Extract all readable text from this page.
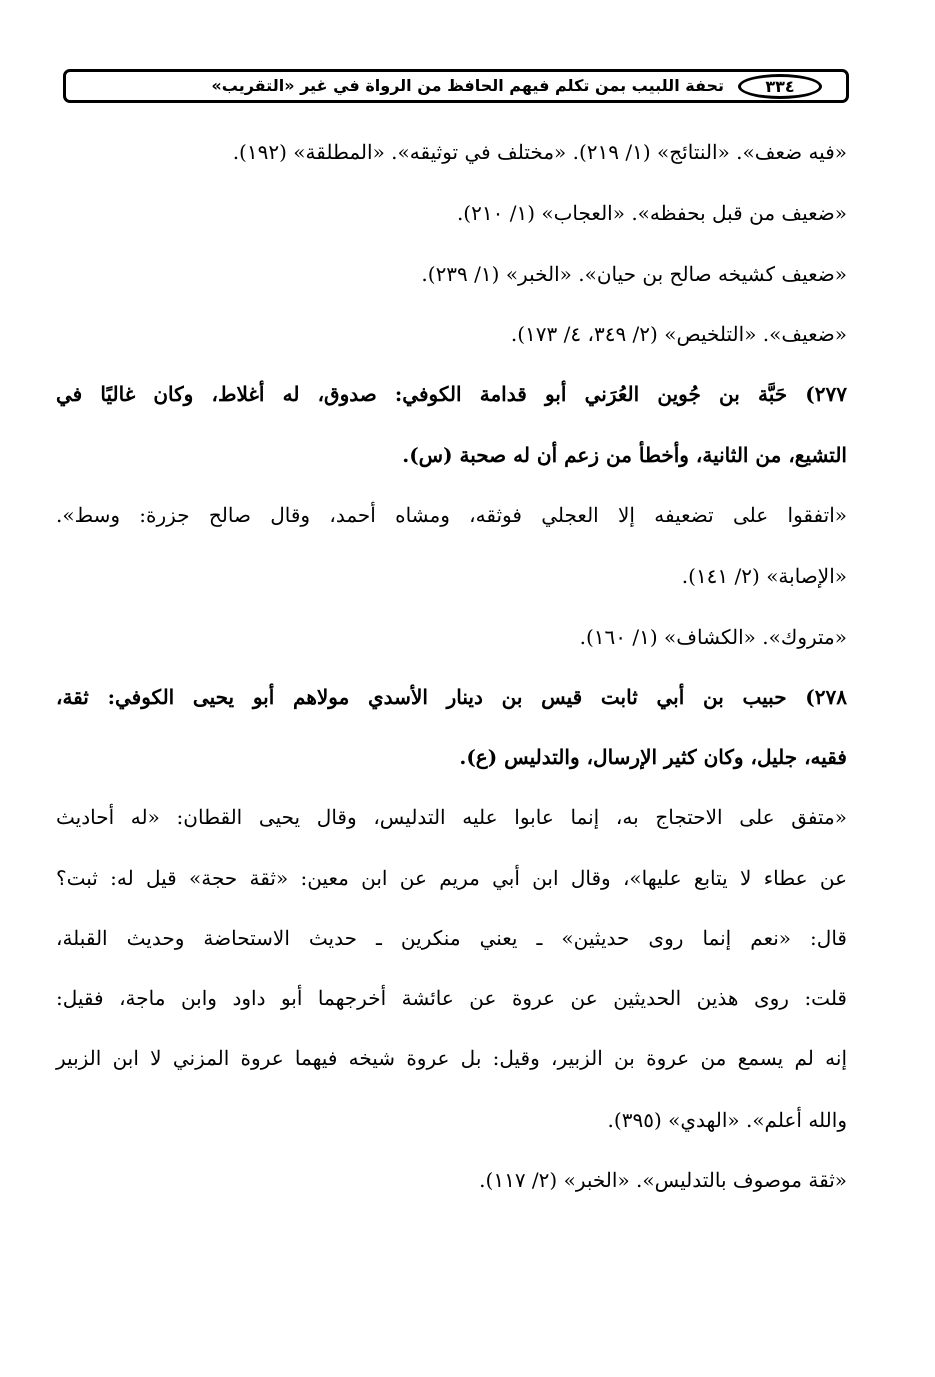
تحفة اللبيب بمن تكلم فيهم الحافظ من الرواة في غير «التقريب»	٣٣٤
«فيه ضعف». «النتائج» (١/ ٢١٩). «مختلف في توثيقه». «المطلقة» (١٩٢).
«ضعيف من قبل بحفظه». «العجاب» (١/ ٢١٠).
«ضعيف كشيخه صالح بن حيان». «الخبر» (١/ ٢٣٩).
«ضعيف». «التلخيص» (٢/ ٣٤٩، ٤/ ١٧٣).
٢٧٧) حَبَّة بن جُوين العُرَني أبو قدامة الكوفي: صدوق، له أغلاط، وكان غاليًا في
التشيع، من الثانية، وأخطأ من زعم أن له صحبة (س).
«اتفقوا على تضعيفه إلا العجلي فوثقه، ومشاه أحمد، وقال صالح جزرة: وسط».
«الإصابة» (٢/ ١٤١).
«متروك». «الكشاف» (١/ ١٦٠).
٢٧٨) حبيب بن أبي ثابت قيس بن دينار الأسدي مولاهم أبو يحيى الكوفي: ثقة،
فقيه، جليل، وكان كثير الإرسال، والتدليس (ع).
«متفق على الاحتجاج به، إنما عابوا عليه التدليس، وقال يحيى القطان: «له أحاديث
عن عطاء لا يتابع عليها»، وقال ابن أبي مريم عن ابن معين: «ثقة حجة» قيل له: ثبت؟
قال: «نعم إنما روى حديثين» ـ يعني منكرين ـ حديث الاستحاضة وحديث القبلة،
قلت: روى هذين الحديثين عن عروة عن عائشة أخرجهما أبو داود وابن ماجة، فقيل:
إنه لم يسمع من عروة بن الزبير، وقيل: بل عروة شيخه فيهما عروة المزني لا ابن الزبير
والله أعلم». «الهدي» (٣٩٥).
«ثقة موصوف بالتدليس». «الخبر» (٢/ ١١٧).
